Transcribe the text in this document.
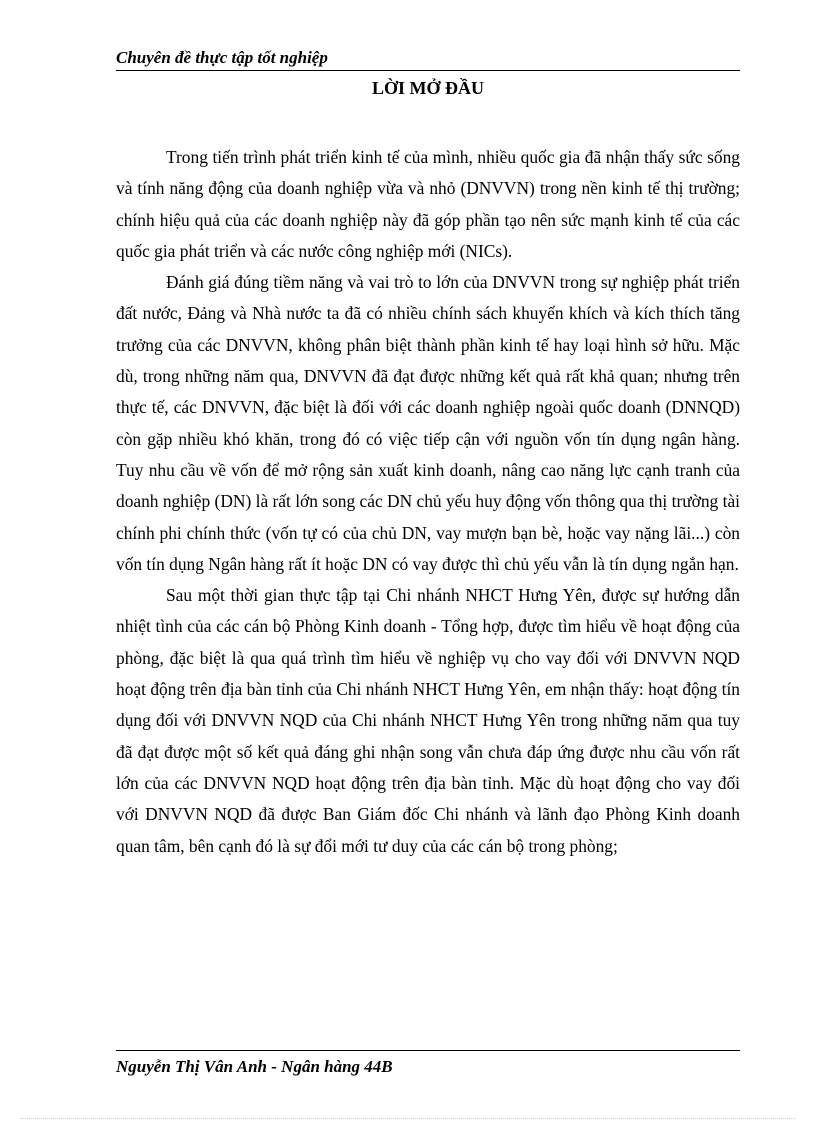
Chuyên đề thực tập tốt nghiệp
LỜI MỞ ĐẦU

Trong tiến trình phát triển kinh tế của mình, nhiều quốc gia đã nhận thấy sức sống và tính năng động của doanh nghiệp vừa và nhỏ (DNVVN) trong nền kinh tế thị trường; chính hiệu quả của các doanh nghiệp này đã góp phần tạo nên sức mạnh kinh tế của các quốc gia phát triển và các nước công nghiệp mới (NICs).

Đánh giá đúng tiềm năng và vai trò to lớn của DNVVN trong sự nghiệp phát triển đất nước, Đảng và Nhà nước ta đã có nhiều chính sách khuyến khích và kích thích tăng trưởng của các DNVVN, không phân biệt thành phần kinh tế hay loại hình sở hữu. Mặc dù, trong những năm qua, DNVVN đã đạt được những kết quả rất khả quan; nhưng trên thực tế, các DNVVN, đặc biệt là đối với các doanh nghiệp ngoài quốc doanh (DNNQD) còn gặp nhiều khó khăn, trong đó có việc tiếp cận với nguồn vốn tín dụng ngân hàng. Tuy nhu cầu về vốn để mở rộng sản xuất kinh doanh, nâng cao năng lực cạnh tranh của doanh nghiệp (DN) là rất lớn song các DN chủ yếu huy động vốn thông qua thị trường tài chính phi chính thức (vốn tự có của chủ DN, vay mượn bạn bè, hoặc vay nặng lãi...) còn vốn tín dụng Ngân hàng rất ít hoặc DN có vay được thì chủ yếu vẫn là tín dụng ngắn hạn.

Sau một thời gian thực tập tại Chi nhánh NHCT Hưng Yên, được sự hướng dẫn nhiệt tình của các cán bộ Phòng Kinh doanh - Tổng hợp, được tìm hiểu về hoạt động của phòng, đặc biệt là qua quá trình tìm hiểu về nghiệp vụ cho vay đối với DNVVN NQD hoạt động trên địa bàn tỉnh của Chi nhánh NHCT Hưng Yên, em nhận thấy: hoạt động tín dụng đối với DNVVN NQD của Chi nhánh NHCT Hưng Yên trong những năm qua tuy đã đạt được một số kết quả đáng ghi nhận song vẫn chưa đáp ứng được nhu cầu vốn rất lớn của các DNVVN NQD hoạt động trên địa bàn tỉnh. Mặc dù hoạt động cho vay đối với DNVVN NQD đã được Ban Giám đốc Chi nhánh và lãnh đạo Phòng Kinh doanh quan tâm, bên cạnh đó là sự đổi mới tư duy của các cán bộ trong phòng;

Nguyễn Thị Vân Anh - Ngân hàng 44B
